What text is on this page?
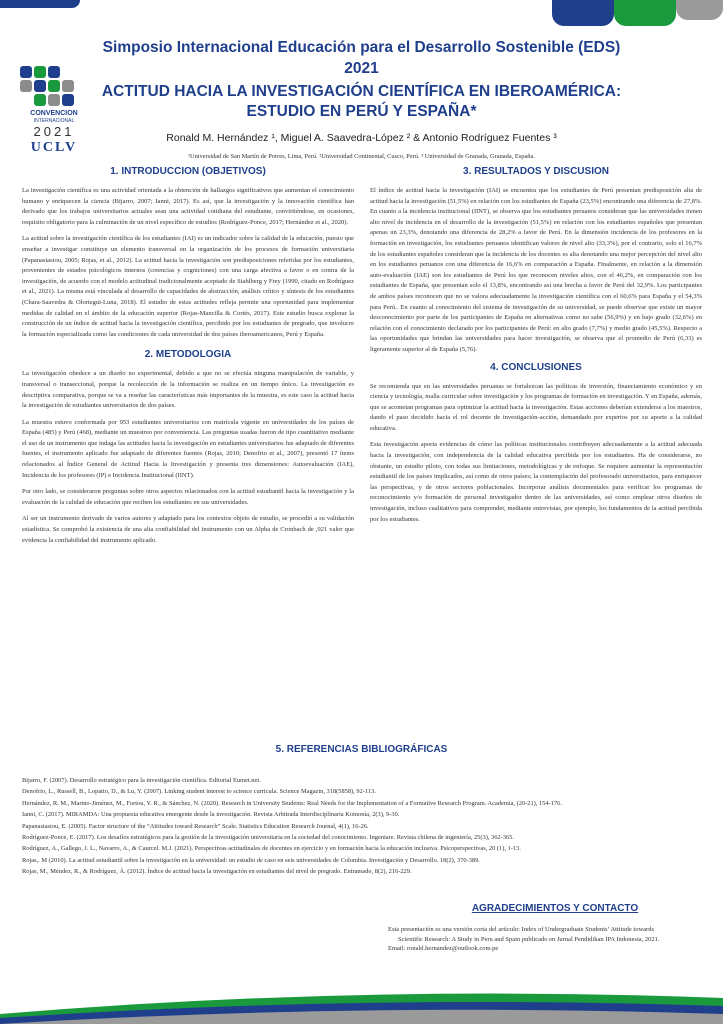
CONVENCION
INTERNACIONAL
2021
UCLV
Simposio Internacional Educación para el Desarrollo Sostenible (EDS)
2021
ACTITUD HACIA LA INVESTIGACIÓN CIENTÍFICA EN IBEROAMÉRICA:
ESTUDIO EN PERÚ Y ESPAÑA*
Ronald M. Hernández ¹, Miguel A. Saavedra-López ² & Antonio Rodríguez Fuentes ³
¹Universidad de San Martín de Porres, Lima, Perú. ²Universidad Continental, Cusco, Perú. ³ Universidad de Granada, Granada, España.
1. INTRODUCCION (OBJETIVOS)

La investigación científica es una actividad orientada a la obtención de hallazgos significativos que aumentan el conocimiento humano y enriquecen la ciencia (Bijarro, 2007; Ianni, 2017). Es así, que la investigación y la innovación científica han derivado que los trabajos universitarios actuales sean una actividad cotidiana del estudiante, convirtiéndose, en ocasiones, requisito obligatorio para la culminación de un nivel específico de estudios (Rodríguez-Ponce, 2017; Hernández et al., 2020).

La actitud sobre la investigación científica de los estudiantes (IAI) es un indicador sobre la calidad de la educación, puesto que enseñar a investigar constituye un elemento transversal en la organización de los procesos de formación universitaria (Papanastasiou, 2005; Rojas, et al., 2012). La actitud hacia la investigación son predisposiciones referidas por los estudiantes, provenientes de estados psicológicos internos (creencias y cogniciones) con una carga afectiva a favor o en contra de la investigación, de acuerdo con el modelo actitudinal tradicionalmente aceptado de Stahlberg y Frey (1990, citado en Rodríguez et al., 2021). La misma está vinculada al desarrollo de capacidades de abstracción, análisis crítico y síntesis de los estudiantes (Chara-Saavedra & Olortegui-Luna, 2018). El estudio de estas actitudes refleja permite una oportunidad para implementar medidas de calidad en el ámbito de la educación superior (Rojas-Mancilla & Cortés, 2017). Este estudio busca explorar la construcción de un índice de actitud hacia la investigación científica, percibido por los estudiantes de pregrado, que involucre la formación especializada como las condiciones de cada universidad de dos países iberoamericanos, Perú y España.

2. METODOLOGIA

La investigación obedece a un diseño no experimental, debido a que no se efectúa ninguna manipulación de variable, y transversal o transeccional, porque la recolección de la información se realiza en un tiempo único. La investigación es descriptiva comparativa, porque se va a reseñar las características más importantes de la muestra, es este caso la actitud hacia la investigación de estudiantes universitarios de dos países.

La muestra estuvo conformada por 953 estudiantes universitarios con matrícula vigente en universidades de los países de España (485) y Perú (468), mediante un muestreo por conveniencia. Las preguntas usadas fueron de tipo cuantitativo mediante el uso de un instrumento que indaga las actitudes hacia la investigación en estudiantes universitarios fue adaptado de diferentes fuentes, el instrumento aplicado fue adaptado de diferentes fuentes (Rojas, 2010; Denofrio et al., 2007), presentó 17 ítems relacionados al Índice General de Actitud Hacia la Investigación y presenta tres dimensiones: Autoevaluación (IAE), Incidencia de los profesores (IP) e Incidencia Institucional (IINT).

Por otro lado, se consideraron preguntas sobre otros aspectos relacionados con la actitud estudiantil hacia la investigación y la evaluación de la calidad de educación que reciben los estudiantes en sus universidades.

Al ser un instrumento derivado de varios autores y adaptado para los contextos objeto de estudio, se procedió a su validación estadística. Se comprobó la existencia de una alta confiabilidad del instrumento con un Alpha de Cronbach de ,921 valor que evidencia la confiabilidad del instrumento aplicado.

3. RESULTADOS Y DISCUSION

El índice de actitud hacia la investigación (IAI) se encuentra que los estudiantes de Perú presentan predisposición alta de actitud hacia la investigación (51,5%) en relación con los estudiantes de España (23,5%) encontrando una diferencia de 27,8%. En cuanto a la incidencia institucional (IINT), se observa que los estudiantes peruanos consideran que las universidades tienen alto nivel de incidencia en el desarrollo de la investigación (51,5%) en relación con los estudiantes españoles que presentan apenas un 23,3%, denotando una diferencia de 28,2% a favor de Perú. En la dimensión incidencia de los profesores en la formación en investigación, los estudiantes peruanos identifican valores de nivel alto (33,3%), por el contrario, solo el 16,7% de los estudiantes españoles consideran que la incidencia de los docentes es alta denotando una mejor percepción del nivel alto en los estudiantes peruanos con una diferencia de 16,6% en comparación a España. Finalmente, en relación a la dimensión auto-evaluación (IAE) son los estudiantes de Perú los que reconocen niveles altos, con el 46,2%, en comparación con los estudiantes de España, que presentan solo el 13,8%, encontrando así una brecha a favor de Perú del 32,9%. Los participantes de ambos países reconocen que no se valora adecuadamente la investigación científica con el 60,6% para España y el 54,3% para Perú.. En cuanto al conocimiento del sistema de investigación de su universidad, se puede observar que existe un mayor desconocimiento por parte de los participantes de España en alternativas como no sabe (56,9%) y en bajo grado (32,6%) en relación con el conocimiento declarado por los participantes de Perú: en alto grado (7,7%) y medio grado (45,5%). Respecto a las oportunidades que brindan las universidades para hacer investigación, se observa que el promedio de Perú (6,33) es ligeramente superior al de España (5,76).

4. CONCLUSIONES

Se recomienda que en las universidades peruanas se fortalezcan las políticas de inversión, financiamiento económico y en ciencia y tecnología, malla curricular sobre investigación y los programas de formación en investigación. Y en España, además, que se acometan programas para optimizar la actitud hacia la investigación. Estas acciones deberían extenderse a los maestros, dando el paso decidido hacia el rol docente de investigación-acción, demandado por expertos por su aporte a la calidad educativa.

Esta investigación aporta evidencias de cómo las políticas institucionales contribuyen adecuadamente a la actitud adecuada hacia la investigación, con independencia de la calidad educativa percibida por los estudiantes. Ha de considerarse, no obstante, un estudio piloto, con todas sus limitaciones, metodológicas y de enfoque. Se requiere aumentar la representación estudiantil de los países implicados, así como de otros países; la contemplación del profesorado universitarios, para enriquecer las perspectivas, y de otros sectores poblacionales. Incorporar análisis documentales para verificar los programas de reconocimiento y/o formación de personal investigador dentro de las universidades, así como emplear otros diseños de investigación, incluso cualitativos para comprender, mediante entrevistas, por ejemplo, los fundamentos de la actitud percibida por los estudiantes.

5. REFERENCIAS BIBLIOGRÁFICAS
Bijarro, F. (2007). Desarrollo estratégico para la investigación científica. Editorial Eumet.net.
Denofrio, L., Russell, B., Lopatto, D., & Lu, Y. (2007). Linking student interest to science curricula. Science Magazin, 318(5858), 92-113.
Hernández, R. M., Marino-Jiménez, M., Fortou, Y. R., & Sánchez, N. (2020). Research in University Students: Real Needs for the Implementation of a Formative Research Program. Academia, (20-21), 154-176.
Ianni, C. (2017). MIRAMDA: Una propuesta educativa emergente desde la investigación. Revista Arbitrada Interdisciplinaria Koinonía, 2(3), 9-30.
Papanastasiou, E. (2005). Factor structure of the “Attitudes toward Research” Scale. Statistics Education Research Journal, 4(1), 16-26.
Rodríguez-Ponce, E. (2017). Los desafíos estratégicos para la gestión de la investigación universitaria en la sociedad del conocimiento. Ingeniare. Revista chilena de ingeniería, 25(3), 362-365.
Rodríguez, A., Gallego, J. L., Navarro, A., & Caurcel. M.J. (2021). Perspectivas actitudinales de docentes en ejercicio y en formación hacia la educación inclusiva. Psicoperspectivas, 20 (1), 1-13.
Rojas,. M (2010). La actitud estudiantil sobre la investigación en la universidad: un estudio de caso en seis universidades de Colombia. Investigación y Desarrollo. 18(2), 370-389.
Rojas, M., Méndez, R., & Rodríguez, Á. (2012). Índice de actitud hacia la investigación en estudiantes del nivel de pregrado. Entramado, 8(2), 216-229.
AGRADECIMIENTOS Y CONTACTO
Esta presentación es una versión corta del artículo: Index of Undergraduate Students’ Attitude towards
Scientific Research: A Study in Peru and Spain publicado en Jurnal Pendidikan IPA Indonesia, 2021.
Email: ronald.hernandez@outlook.com.pe
